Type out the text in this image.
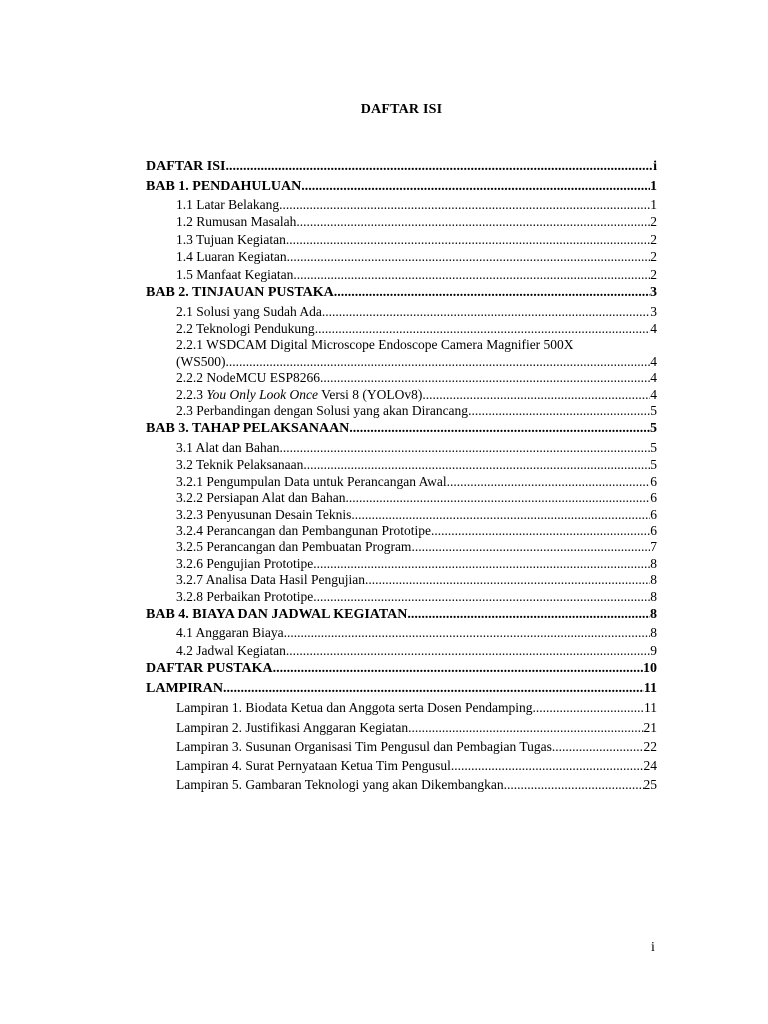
DAFTAR ISI
DAFTAR ISI .....	i
BAB 1. PENDAHULUAN .....	1
1.1 Latar Belakang .....	1
1.2 Rumusan Masalah .....	2
1.3 Tujuan Kegiatan .....	2
1.4 Luaran Kegiatan .....	2
1.5 Manfaat Kegiatan .....	2
BAB 2. TINJAUAN PUSTAKA .....	3
2.1 Solusi yang Sudah Ada .....	3
2.2 Teknologi Pendukung .....	4
2.2.1 WSDCAM Digital Microscope Endoscope Camera Magnifier 500X
(WS500) .....	4
2.2.2 NodeMCU ESP8266 .....	4
2.2.3 You Only Look Once Versi 8 (YOLOv8) .....	4
2.3 Perbandingan dengan Solusi yang akan Dirancang .....	5
BAB 3. TAHAP PELAKSANAAN .....	5
3.1 Alat dan Bahan .....	5
3.2 Teknik Pelaksanaan .....	5
3.2.1 Pengumpulan Data untuk Perancangan Awal .....	6
3.2.2 Persiapan Alat dan Bahan .....	6
3.2.3 Penyusunan Desain Teknis .....	6
3.2.4 Perancangan dan Pembangunan Prototipe .....	6
3.2.5 Perancangan dan Pembuatan Program .....	7
3.2.6 Pengujian Prototipe .....	8
3.2.7 Analisa Data Hasil Pengujian .....	8
3.2.8 Perbaikan Prototipe .....	8
BAB 4. BIAYA DAN JADWAL KEGIATAN .....	8
4.1 Anggaran Biaya .....	8
4.2 Jadwal Kegiatan .....	9
DAFTAR PUSTAKA .....	10
LAMPIRAN .....	11
Lampiran 1. Biodata Ketua dan Anggota serta Dosen Pendamping .....	11
Lampiran 2. Justifikasi Anggaran Kegiatan .....	21
Lampiran 3. Susunan Organisasi Tim Pengusul dan Pembagian Tugas .....	22
Lampiran 4. Surat Pernyataan Ketua Tim Pengusul .....	24
Lampiran 5. Gambaran Teknologi yang akan Dikembangkan .....	25
i
